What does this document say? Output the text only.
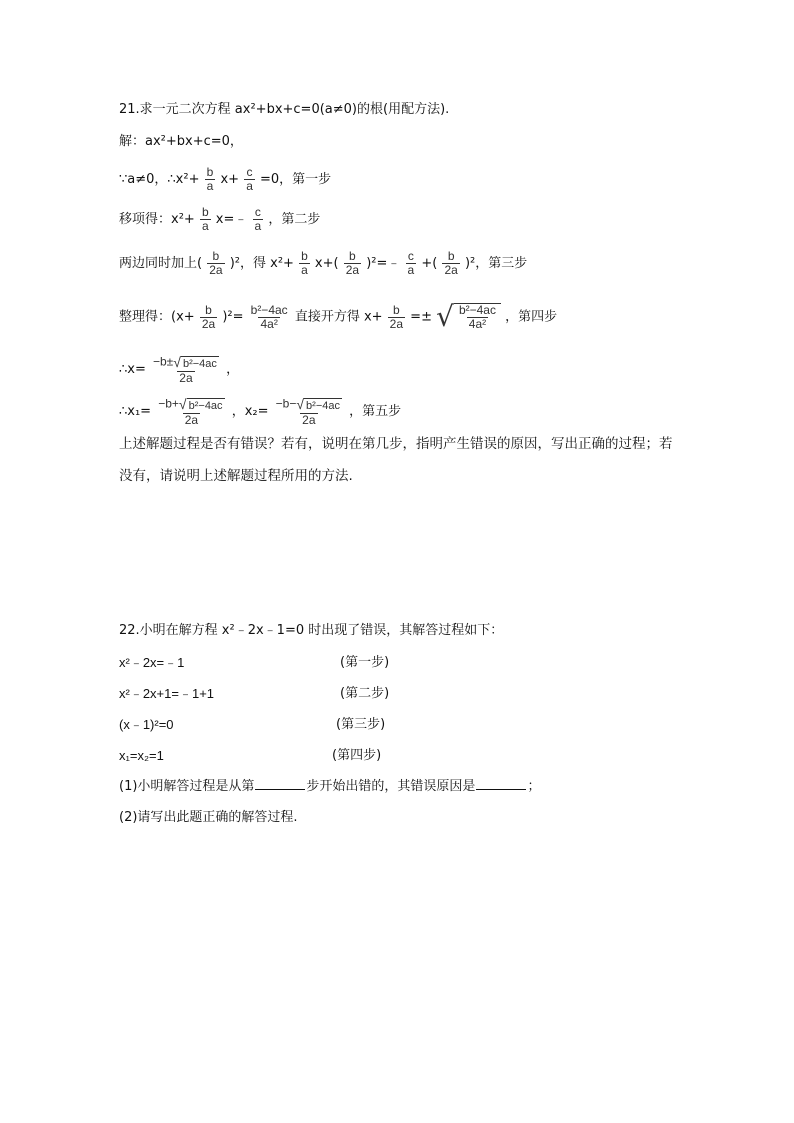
21.求一元二次方程 ax²+bx+c=0(a≠0)的根(用配方法).
解：ax²+bx+c=0，
∵a≠0，∴x²+ $\frac{b}{a} x+ \frac{c}{a} =0$，第一步
移项得：$x^2+ \frac{b}{a}$ x=﹣ $\frac{c}{a}$ ，第二步
两边同时加上( $\frac{b}{2a} )^2$，得 $x^2+ \frac{b}{a} x+( \frac{b}{2a}$ )²=﹣ $\frac{c}{a}$ +( $\frac{b}{2a} )^2$，第三步
整理得：$(x+ \frac{b}{2a} )^2= \frac{\text{b²−4ac}}{\text{4a²}}$ 直接开方得 $x+ \frac{b}{2a}$ =± √ $\frac{\text{b²−4ac}}{\text{4a²}}$ ，第四步
∴x= $\frac{\text{−b± √ b²−4ac}}{2a}$ ，
∴x₁= $\frac{\text{−b+ √ b²−4ac}}{2a}$ ，$x_2= \frac{\text{−b− √ b²−4ac}}{2a}$ ，第五步
上述解题过程是否有错误？若有，说明在第几步，指明产生错误的原因，写出正确的过程；若
没有，请说明上述解题过程所用的方法.
22.小明在解方程 x²﹣2x﹣1=0 时出现了错误，其解答过程如下：
x²﹣2x=﹣1	(第一步)
x²﹣2x+1=﹣1+1	(第二步)
(x﹣1)²=0	(第三步)
x₁=x₂=1	(第四步)
(1)小明解答过程是从第	步开始出错的，其错误原因是	；
(2)请写出此题正确的解答过程.
